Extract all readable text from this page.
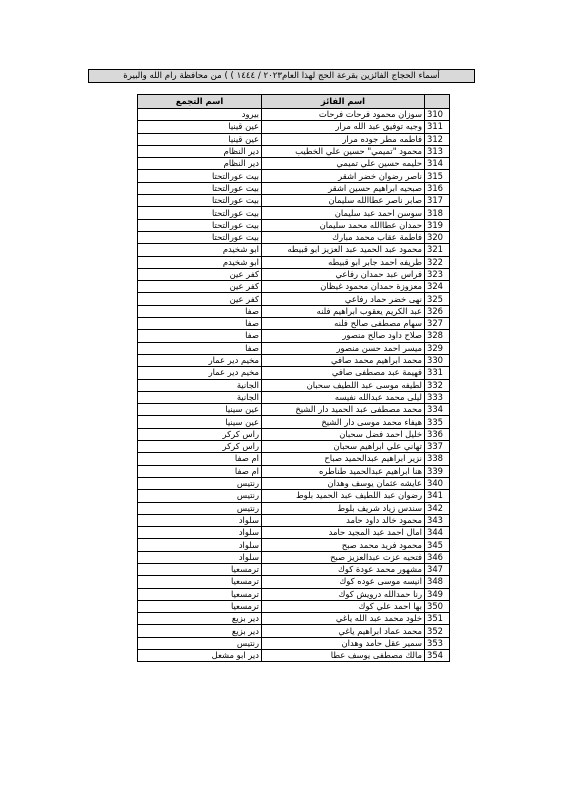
أسماء الحجاج الفائزين بقرعة الحج لهذا العام٢٠٢٣ / ١٤٤٤ ) ) من محافظة رام الله والبيرة
	اسم الفائز	اسم التجمع
310	سوزان محمود فرحات فرحات	بيرود
311	وجيه توفيق عبد الله مرار	عين قينيا
312	فاطمه مطر جوده مرار	عين قينيا
313	محمود "تميمي" حسين علي الخطيب	دير النظام
314	حليمه حسين علي تميمي	دير النظام
315	ناصر رضوان خضر اشقر	بيت عورالتحتا
316	صبحيه ابراهيم حسين اشقر	بيت عورالتحتا
317	صابر ناصر عطاالله سليمان	بيت عورالتحتا
318	سوسن احمد عبد سليمان	بيت عورالتحتا
319	حمدان عطاالله محمد سليمان	بيت عورالتحتا
320	فاطمة عقاب محمد مبارك	بيت عورالتحتا
321	محمود عبد الحميد عبد العزيز ابو قبيطه	ابو شخيدم
322	طريفه احمد جابر ابو قبيطه	ابو شخيدم
323	فراس عبد حمدان رفاعي	كفر عين
324	معزوزة حمدان محمود غيظان	كفر عين
325	نهى خضر حماد رفاعي	كفر عين
326	عبد الكريم يعقوب ابراهيم فلنه	صفا
327	سهام مصطفى صالح فلنه	صفا
328	صلاح داود صالح منصور	صفا
329	ميسر احمد حسن منصور	صفا
330	محمد ابراهيم محمد صافي	مخيم دير عمار
331	فهيمة عبد مصطفى صافي	مخيم دير عمار
332	لطيفه موسى عبد اللطيف سحبان	الجانية
333	ليلى محمد عبدالله نفيسه	الجانية
334	محمد مصطفى عبد الحميد دار الشيخ	عين سينيا
335	هيفاء محمد موسى دار الشيخ	عين سينيا
336	خليل احمد فضل سحبان	راس كركر
337	تهاني علي ابراهيم سحبان	راس كركر
338	نزير ابراهيم عبدالحميد صباح	ام صفا
339	هنا ابراهيم عبدالحميد طناطره	ام صفا
340	عايشه عثمان يوسف وهدان	رنتيس
341	رضوان عبد اللطيف عبد الحميد بلوط	رنتيس
342	سندس زياد شريف بلوط	رنتيس
343	محمود خالد داود حامد	سلواد
344	امال احمد عبد المجيد حامد	سلواد
345	محمود فريد محمد صبح	سلواد
346	فتحيه عزت عبدالعزيز صبح	سلواد
347	مشهور محمد عودة كوك	ترمسعيا
348	انيسه موسى عوده كوك	ترمسعيا
349	رنا حمدالله درويش كوك	ترمسعيا
350	بها احمد علي كوك	ترمسعيا
351	خلود محمد عبد الله ياغي	دير بزيع
352	محمد عماد ابراهيم ياغي	دير بزيع
353	سمير عقل حامد وهدان	رنتيس
354	مالك مصطفى يوسف عطا	دير ابو مشعل
